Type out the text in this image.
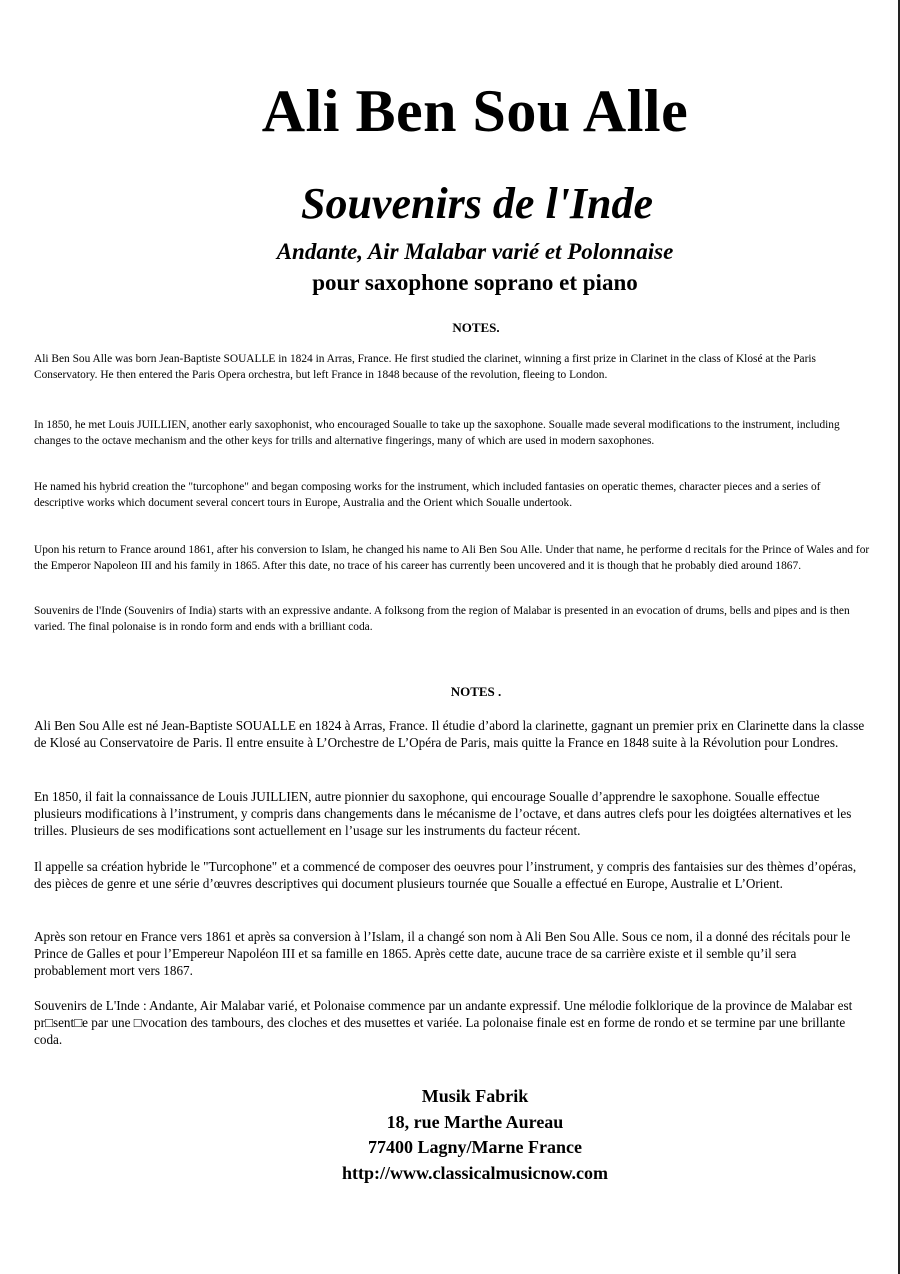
Ali Ben Sou Alle
Souvenirs de l'Inde
Andante, Air Malabar varié et Polonnaise
pour saxophone soprano et piano
NOTES.

Ali Ben Sou Alle was born Jean-Baptiste SOUALLE in 1824 in Arras, France. He first studied the clarinet, winning a first prize in Clarinet in the class of Klosé at the Paris Conservatory. He then entered the Paris Opera orchestra, but left France in 1848 because of the revolution, fleeing to London.

In 1850, he met Louis JUILLIEN, another early saxophonist, who encouraged Soualle to take up the saxophone. Soualle made several modifications to the instrument, including changes to the octave mechanism and the other keys for trills and alternative fingerings, many of which are used in modern saxophones.

He named his hybrid creation the "turcophone" and began composing works for the instrument, which included fantasies on operatic themes, character pieces and a series of descriptive works which document several concert tours in Europe, Australia and the Orient which Soualle undertook.

Upon his return to France around 1861, after his conversion to Islam, he changed his name to Ali Ben Sou Alle. Under that name, he performe d recitals for the Prince of Wales and for the Emperor Napoleon III and his family in 1865. After this date, no trace of his career has currently been uncovered and it is though that he probably died around 1867.

Souvenirs de l'Inde (Souvenirs of India) starts with an expressive andante. A folksong from the region of Malabar is presented in an evocation of drums, bells and pipes and is then varied. The final polonaise is in rondo form and ends with a brilliant coda.

NOTES .

Ali Ben Sou Alle est né Jean-Baptiste SOUALLE en 1824 à Arras, France. Il étudie d’abord la clarinette, gagnant un premier prix en Clarinette dans la classe de Klosé au Conservatoire de Paris. Il entre ensuite à L’Orchestre de L’Opéra de Paris, mais quitte la France en 1848 suite à la Révolution pour Londres.

En 1850, il fait la connaissance de Louis JUILLIEN, autre pionnier du saxophone, qui encourage Soualle d’apprendre le saxophone. Soualle effectue plusieurs modifications à l’instrument, y compris dans changements dans le mécanisme de l’octave, et dans autres clefs pour les doigtées alternatives et les trilles. Plusieurs de ses modifications sont actuellement en l’usage sur les instruments du facteur récent.

Il appelle sa création hybride le "Turcophone" et a commencé de composer des oeuvres pour l’instrument, y compris des fantaisies sur des thèmes d’opéras, des pièces de genre et une série d’œuvres descriptives qui document plusieurs tournée que Soualle a effectué en Europe, Australie et L’Orient.

Après son retour en France vers 1861 et après sa conversion à l’Islam, il a changé son nom à Ali Ben Sou Alle. Sous ce nom, il a donné des récitals pour le Prince de Galles et pour l’Empereur Napoléon III et sa famille en 1865. Après cette date, aucune trace de sa carrière existe et il semble qu’il sera probablement mort vers 1867.

Souvenirs de L'Inde : Andante, Air Malabar varié, et Polonaise commence par un andante expressif. Une mélodie folklorique de la province de Malabar est pr□sent□e par une □vocation des tambours, des cloches et des musettes et variée. La polonaise finale est en forme de rondo et se termine par une brillante coda.

Musik Fabrik
18, rue Marthe Aureau
77400 Lagny/Marne France
http://www.classicalmusicnow.com
